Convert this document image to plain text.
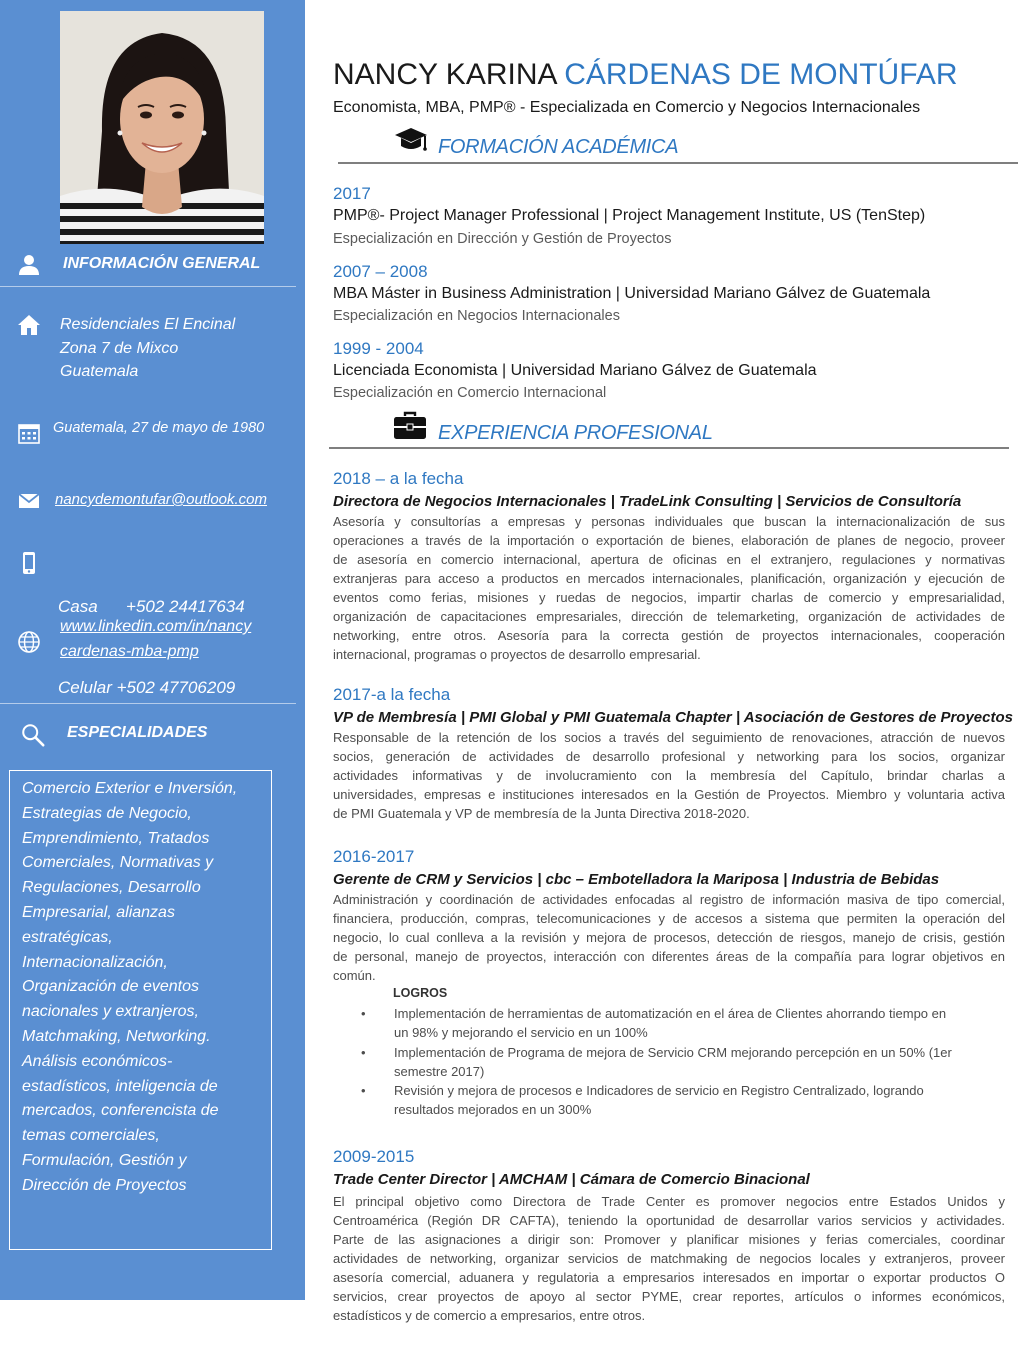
INFORMACIÓN GENERAL
Residenciales El Encinal
Zona 7 de Mixco
Guatemala
Guatemala, 27 de mayo de 1980
nancydemontufar@outlook.com

Casa      +502 24417634

Celular +502 47706209

www.linkedin.com/in/nancy
cardenas-mba-pmp
ESPECIALIDADES
Comercio Exterior e Inversión,
Estrategias de Negocio,
Emprendimiento, Tratados
Comerciales, Normativas y
Regulaciones, Desarrollo
Empresarial, alianzas
estratégicas,
Internacionalización,
Organización de eventos
nacionales y extranjeros,
Matchmaking, Networking.
Análisis económicos-
estadísticos, inteligencia de
mercados, conferencista de
temas comerciales,
Formulación, Gestión y
Dirección de Proyectos
NANCY KARINA CÁRDENAS DE MONTÚFAR
Economista, MBA, PMP® - Especializada en Comercio y Negocios Internacionales
FORMACIÓN ACADÉMICA
2017
PMP®- Project Manager Professional | Project Management Institute, US (TenStep)
Especialización en Dirección y Gestión de Proyectos
2007 – 2008
MBA Máster in Business Administration | Universidad Mariano Gálvez de Guatemala
Especialización en Negocios Internacionales
1999 - 2004
Licenciada Economista | Universidad Mariano Gálvez de Guatemala
Especialización en Comercio Internacional
EXPERIENCIA PROFESIONAL
2018 – a la fecha
Directora de Negocios Internacionales | TradeLink Consulting | Servicios de Consultoría
Asesoría y consultorías a empresas y personas individuales que buscan la internacionalización de sus
operaciones a través de la importación o exportación de bienes, elaboración de planes de negocio, proveer
de asesoría en comercio internacional, apertura de oficinas en el extranjero, regulaciones y normativas
extranjeras para acceso a productos en mercados internacionales, planificación, organización y ejecución de
eventos como ferias, misiones y ruedas de negocios, impartir charlas de comercio y empresarialidad,
organización de capacitaciones empresariales, dirección de telemarketing, organización de actividades de
networking, entre otros. Asesoría para la correcta gestión de proyectos internacionales, cooperación
internacional, programas o proyectos de desarrollo empresarial.
2017-a la fecha
VP de Membresía | PMI Global y PMI Guatemala Chapter | Asociación de Gestores de Proyectos
Responsable de la retención de los socios a través del seguimiento de renovaciones, atracción de nuevos
socios, generación de actividades de desarrollo profesional y networking para los socios, organizar
actividades informativas y de involucramiento con la membresía del Capítulo, brindar charlas a
universidades, empresas e instituciones interesados en la Gestión de Proyectos. Miembro y voluntaria activa
de PMI Guatemala y VP de membresía de la Junta Directiva 2018-2020.
2016-2017
Gerente de CRM y Servicios | cbc – Embotelladora la Mariposa | Industria de Bebidas
Administración y coordinación de actividades enfocadas al registro de información masiva de tipo comercial,
financiera, producción, compras, telecomunicaciones y de accesos a sistema que permiten la operación del
negocio, lo cual conlleva a la revisión y mejora de procesos, detección de riesgos, manejo de crisis, gestión
de personal, manejo de proyectos, interacción con diferentes áreas de la compañía para lograr objetivos en
común.
LOGROS
• Implementación de herramientas de automatización en el área de Clientes ahorrando tiempo en
un 98% y mejorando el servicio en un 100%
• Implementación de Programa de mejora de Servicio CRM mejorando percepción en un 50% (1er
semestre 2017)
• Revisión y mejora de procesos e Indicadores de servicio en Registro Centralizado, logrando
resultados mejorados en un 300%
2009-2015
Trade Center Director | AMCHAM | Cámara de Comercio Binacional
El principal objetivo como Directora de Trade Center es promover negocios entre Estados Unidos y
Centroamérica (Región DR CAFTA), teniendo la oportunidad de desarrollar varios servicios y actividades.
Parte de las asignaciones a dirigir son: Promover y planificar misiones y ferias comerciales, coordinar
actividades de networking, organizar servicios de matchmaking de negocios locales y extranjeros, proveer
asesoría comercial, aduanera y regulatoria a empresarios interesados en importar o exportar productos O
servicios, crear proyectos de apoyo al sector PYME, crear reportes, artículos o informes económicos,
estadísticos y de comercio a empresarios, entre otros.
